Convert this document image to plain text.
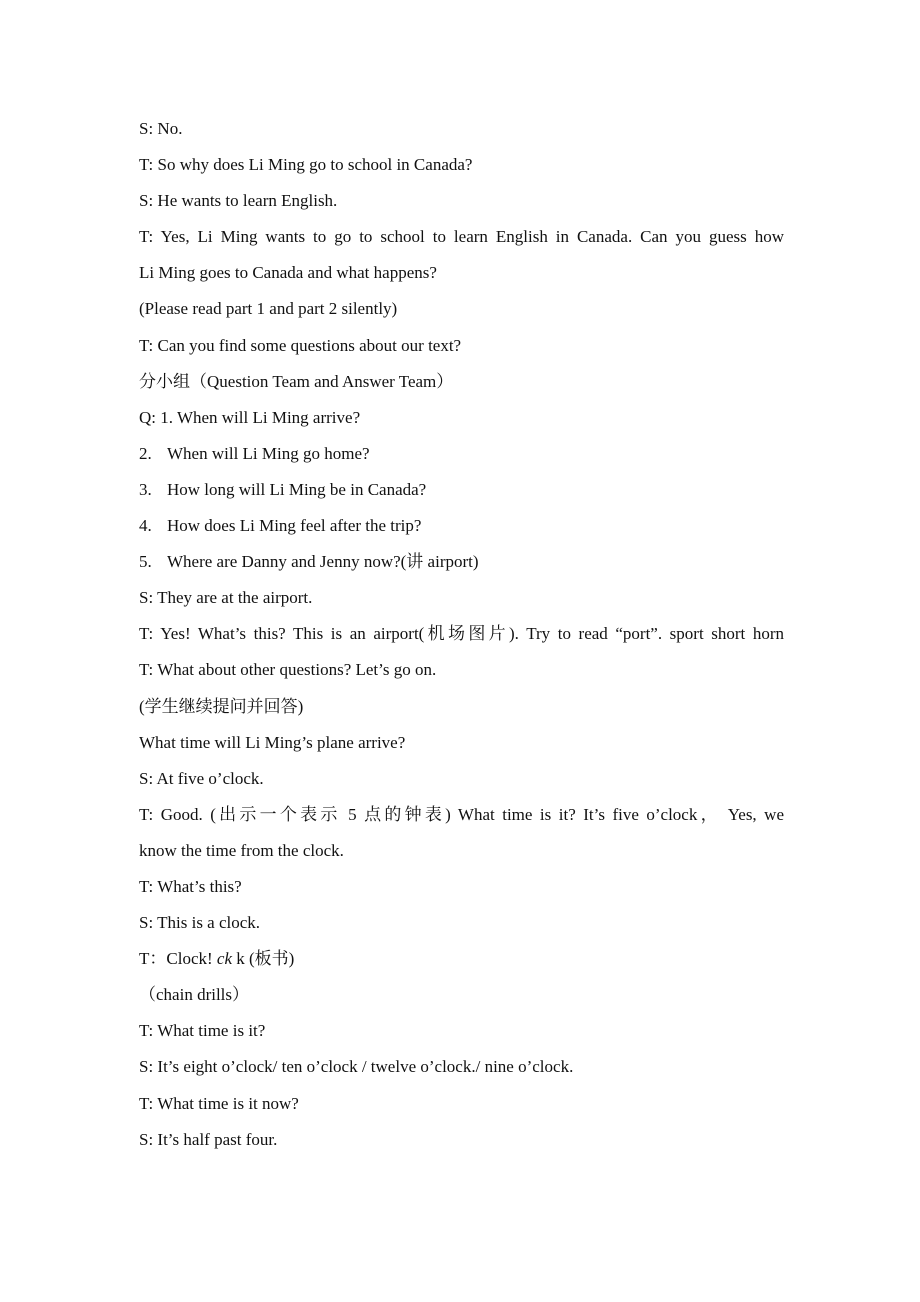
S: No.
T: So why does Li Ming go to school in Canada?
S: He wants to learn English.
T: Yes, Li Ming wants to go to school to learn English in Canada. Can you guess how
Li Ming goes to Canada and what happens?
(Please read part 1 and part 2 silently)
T: Can you find some questions about our text?
分小组（Question Team and Answer Team）
Q: 1. When will Li Ming arrive?
2. When will Li Ming go home?
3. How long will Li Ming be in Canada?
4. How does Li Ming feel after the trip?
5. Where are Danny and Jenny now?(讲 airport)
S: They are at the airport.
T: Yes! What’s this? This is an airport(机场图片). Try to read “port”. sport short horn
T: What about other questions? Let’s go on.
(学生继续提问并回答)
What time will Li Ming’s plane arrive?
S: At five o’clock.
T: Good. (出示一个表示 5 点的钟表) What time is it? It’s five o’clock， Yes, we
know the time from the clock.
T: What’s this?
S: This is a clock.
T：Clock! ck k (板书)
（chain drills）
T: What time is it?
S: It’s eight o’clock/ ten o’clock / twelve o’clock./ nine o’clock.
T: What time is it now?
S: It’s half past four.
